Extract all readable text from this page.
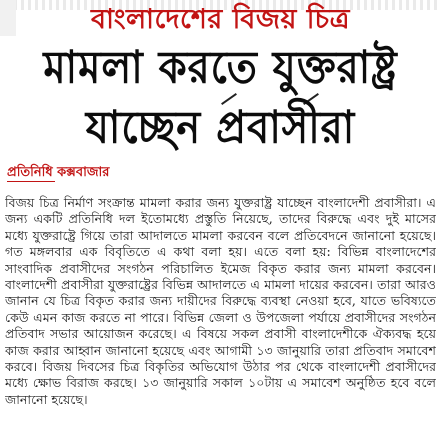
বাংলাদেশের বিজয় চিত্র
মামলা করতে যুক্তরাষ্ট্র
যাচ্ছেন প্রবাসীরা
প্রতিনিধি কক্সবাজার
বিজয় চিত্র নির্মাণ সংক্রান্ত মামলা করার জন্য যুক্তরাষ্ট্র যাচ্ছেন বাংলাদেশী প্রবাসীরা। এ জন্য একটি প্রতিনিধি দল ইতোমধ্যে প্রস্তুতি নিয়েছে, তাদের বিরুদ্ধে এবং দুই মাসের মধ্যে যুক্তরাষ্ট্রে গিয়ে তারা আদালতে মামলা করবেন বলে প্রতিবেদনে জানানো হয়েছে। গত মঙ্গলবার এক বিবৃতিতে এ কথা বলা হয়। এতে বলা হয়: বিভিন্ন বাংলাদেশের সাংবাদিক প্রবাসীদের সংগঠন পরিচালিত ইমেজ বিকৃত করার জন্য মামলা করবেন। বাংলাদেশী প্রবাসীরা যুক্তরাষ্ট্রের বিভিন্ন আদালতে এ মামলা দায়ের করবেন। তারা আরও জানান যে চিত্র বিকৃত করার জন্য দায়ীদের বিরুদ্ধে ব্যবস্থা নেওয়া হবে, যাতে ভবিষ্যতে কেউ এমন কাজ করতে না পারে। বিভিন্ন জেলা ও উপজেলা পর্যায়ে প্রবাসীদের সংগঠন প্রতিবাদ সভার আয়োজন করেছে। এ বিষয়ে সকল প্রবাসী বাংলাদেশীকে ঐক্যবদ্ধ হয়ে কাজ করার আহ্বান জানানো হয়েছে এবং আগামী ১৩ জানুয়ারি তারা প্রতিবাদ সমাবেশ করবে। বিজয় দিবসের চিত্র বিকৃতির অভিযোগ উঠার পর থেকে বাংলাদেশী প্রবাসীদের মধ্যে ক্ষোভ বিরাজ করছে। ১৩ জানুয়ারি সকাল ১০টায় এ সমাবেশ অনুষ্ঠিত হবে বলে জানানো হয়েছে।
